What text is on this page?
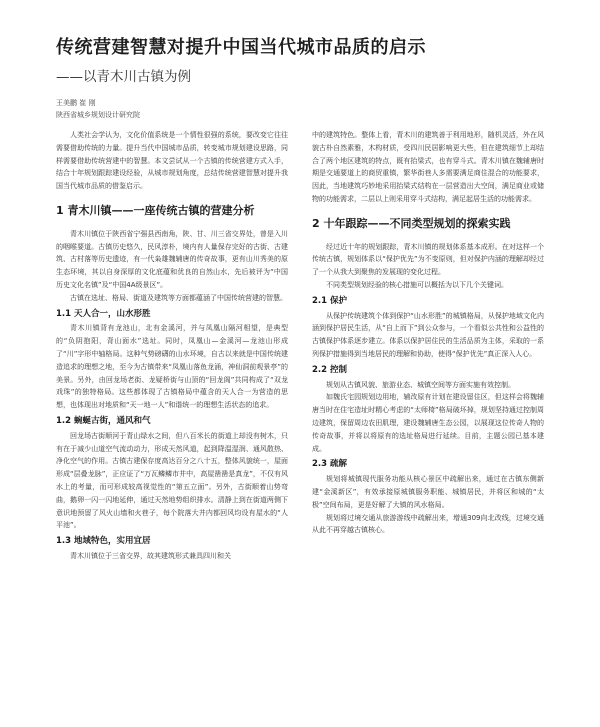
传统营建智慧对提升中国当代城市品质的启示
——以青木川古镇为例
王美鹏 崔 刚
陕西省城乡规划设计研究院

人类社会学认为，文化价值系统是一个情性很强的系统，要改变它往往需要借助传统的力量。提升当代中国城市品质，转变城市规划建设思路，同样需要借助传统营建中的智慧。本文尝试从一个古镇的传统营建方式入手，结合十年规划跟踪建设经验，从城市规划角度，总结传统营建智慧对提升我国当代城市品质的借鉴启示。

1 青木川镇——一座传统古镇的营建分析

青木川镇位于陕西省宁强县西南角，陕、甘、川三省交界处，曾是入川的咽喉要道。古镇历史悠久，民风淳朴，境内有人量保存完好的古街、古建筑、古村落等历史遗迹，有一代枭雄魏辅唐的传奇故事，更有山川秀美的原生态环境，其以自身深厚的文化底蕴和优良的自然山水，先后被评为“中国历史文化名镇”及“中国4A级景区”。

古镇在选址、格局、街道及建筑等方面都蕴涵了中国传统营建的智慧。

1.1 天人合一，山水形胜

青木川镇背有龙池山，北有金溪河，并与凤凰山隔河相望，是典型的“负阴抱阳，背山面水”选址。同时，凤凰山—金溪河—龙池山形成了“川”字形中轴格局。这种气势磅礴的山水环境，自古以来就是中国传统建造追求的理想之地，至今为古镇带来“凤凰山落鱼龙涌，神仙洞前观景亭”的美景。另外，由回龙场老街、龙疑桥街与山顶的“回龙阁”共同构成了“双龙戏珠”的独特格局。这些都体现了古镇格局中蕴含的天人合一为营造的思想，也体现出对地质和“天一地一人”和谐统一的理想生活状态的追求。

1.2 蜿蜒古街，通风和气

回龙场古街顺河于青山绿水之间，但八百米长的街道上却没有树木，只有在于减少山道空气流动动力，形成天然风道，起到降温湿润、通风散热、净化空气的作用。古镇古建保存度高达百分之八十五，整体风貌统一，屋面形成“层叠龙脉”，正应证了“万瓦鳞鳞市井中，高屋凿凿是真龙”，不仅有风水上的考量，而可形成较高视觉性的“第五立面”。另外，古街顺着山势弯曲，鹅卵一闪一闪地延伸，通过天然地势组织排水。清静上到在街道两侧下意识地预留了风火山墙和火巷子，每个院落大井内都回风均设有屋水的“人平池”。

1.3 地域特色，实用宜居

青木川镇位于三省交界，故其建筑形式兼具四川和关

中的建筑特色。整体上看，青木川的建筑善于利用地形，随机灵活，外在风貌古朴自然素雅，木构材质，受四川民居影响更大些，但在建筑细节上却结合了两个地区建筑的特点，既有抬梁式，也有穿斗式。青木川镇在魏辅唐时期是交通要道上的商贸重镇，繁华街巷人多需要满足商住混合的功能要求，因此，当地建筑巧妙地采用抬梁式结构在一层营造出大空间，满足商业或储物的功能需求，二层以上则采用穿斗式结构，满足起居生活的功能需求。

2 十年跟踪——不同类型规划的探索实践

经过近十年的规划跟踪，青木川镇的规划体系基本成形。在对这样一个传统古镇，规划体系以“保护优先”为不变原则，但对保护内涵的理解却经过了一个从我大到聚焦的发展现的变化过程。

不同类型规划经验的核心措施可以概括为以下几个关键词。

2.1 保护

从保护传统建筑个体到保护“山水形胜”的城镇格局，从保护地域文化内涵到保护居民生活，从“自上而下”到公众参与，一个看似公共性和公益性的古镇保护体系逐步建立。体系以保护居住民的生活品质为主体，采取的一系列保护措施得到当地居民的理解和协助，使得“保护优先”真正深入人心。

2.2 控制

规划从古镇风貌、旅游业态、城镇空间等方面实施有效控制。

如魏氏宅园规划边用地，辅改原有计划在建设留住区，但这样会将魏辅唐当时在住宅造址时精心考虑的“太师椅”格局破坏掉，规划坚持通过控制周边建筑，保留周边农田肌理，建设魏辅唐生态公园，以展现这位传奇人物的传奇故事，并将以将原有的选址格局进行延续。目前，主题公园已基本建成。

2.3 疏解

规划将城镇现代服务功能从核心景区中疏解出来，通过在古镇东侧新建“金溪新区”，有效承接原城镇服务职能、城镇居民，并将区和城的“太极”空间布局，更是好解了大镇的风水格局。

规划将过境交通从旅游游线中疏解出来，增通309向北改线，过境交通从此不再穿越古镇核心。
